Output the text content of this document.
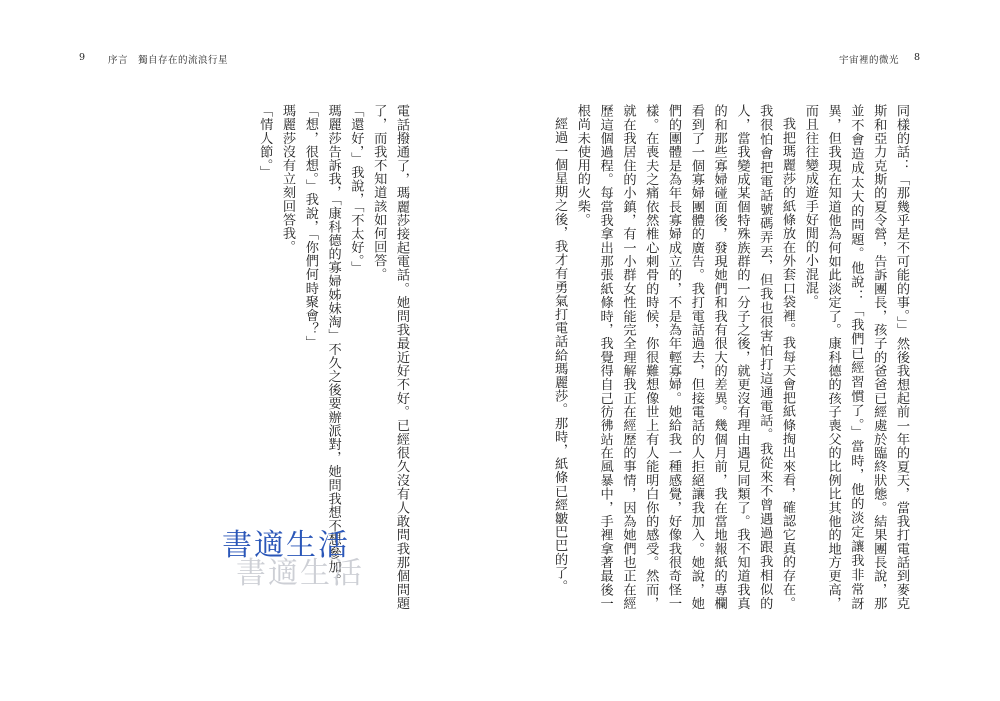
9 序言　獨自存在的流浪行星

電話撥通了，瑪麗莎接起電話。她問我最近好不好。已經很久沒有人敢問我那個問題了，而我不知道該如何回答。

「還好，」我說，「不太好。」

瑪麗莎告訴我，「康科德的寡婦姊妹淘」不久之後要辦派對，她問我想不想參加。

「想，很想。」我說，「你們何時聚會？」

瑪麗莎沒有立刻回答我。

「情人節。」

宇宙裡的微光 8

同樣的話：「那幾乎是不可能的事。」」然後我想起前一年的夏天，當我打電話到麥克斯和亞力克斯的夏令營，告訴團長，孩子的爸爸已經處於臨終狀態。結果團長說，那並不會造成太大的問題。他說：「我們已經習慣了。」當時，他的淡定讓我非常訝異，但我現在知道他為何如此淡定了。康科德的孩子喪父的比例比其他的地方更高，而且往往變成遊手好閒的小混混。

我把瑪麗莎的紙條放在外套口袋裡。我每天會把紙條掏出來看，確認它真的存在。我很怕會把電話號碼弄丟，但我也很害怕打這通電話。我從來不曾遇過跟我相似的人，當我變成某個特殊族群的一分子之後，就更沒有理由遇見同類了。我不知道我真的和那些寡婦碰面後，發現她們和我有很大的差異。幾個月前，我在當地報紙的專欄看到了一個寡婦團體的廣告。我打電話過去，但接電話的人拒絕讓我加入。她說，她們的團體是為年長寡婦成立的，不是為年輕寡婦。她給我一種感覺，好像我很奇怪一樣。在喪夫之痛依然椎心刺骨的時候，你很難想像世上有人能明白你的感受。然而，就在我居住的小鎮，有一小群女性能完全理解我正在經歷的事情，因為她們也正在經歷這個過程。每當我拿出那張紙條時，我覺得自己彷彿站在風暴中，手裡拿著最後一根尚未使用的火柴。

經過一個星期之後，我才有勇氣打電話給瑪麗莎。那時，紙條已經皺巴巴的了。

書適生活
書適生活
